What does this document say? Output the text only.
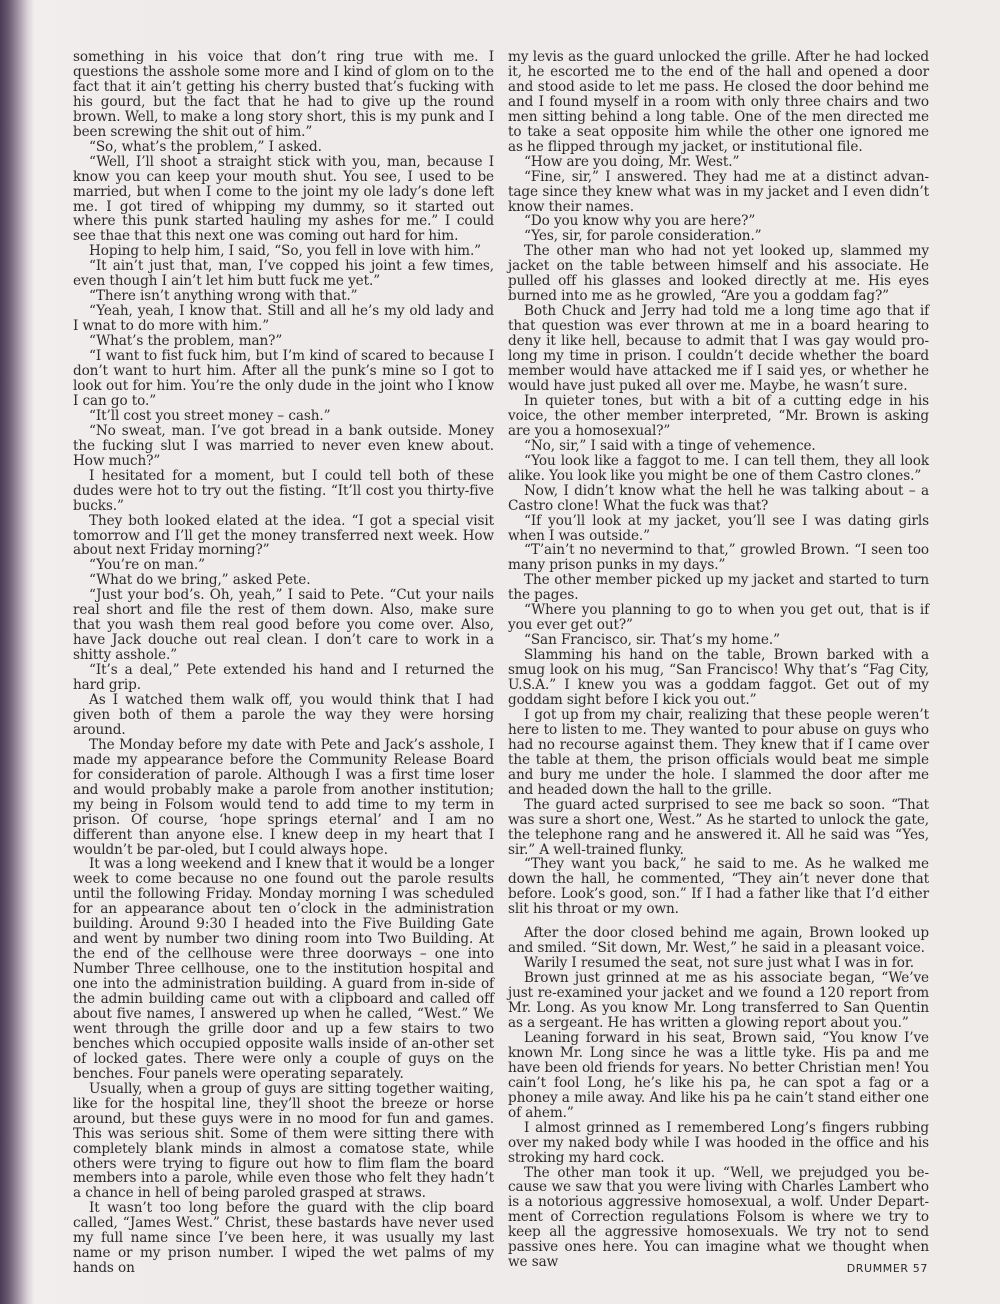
something in his voice that don’t ring true with me. I questions the asshole some more and I kind of glom on to the fact that it ain’t getting his cherry busted that’s fucking with his gourd, but the fact that he had to give up the round brown. Well, to make a long story short, this is my punk and I been screwing the shit out of him.”

“So, what’s the problem,” I asked.

“Well, I’ll shoot a straight stick with you, man, because I know you can keep your mouth shut. You see, I used to be married, but when I come to the joint my ole lady’s done left me. I got tired of whipping my dummy, so it started out where this punk started hauling my ashes for me.” I could see thae that this next one was coming out hard for him.

Hoping to help him, I said, “So, you fell in love with him.”

“It ain’t just that, man, I’ve copped his joint a few times, even though I ain’t let him butt fuck me yet.”

“There isn’t anything wrong with that.”

“Yeah, yeah, I know that. Still and all he’s my old lady and I wnat to do more with him.”

“What’s the problem, man?”

“I want to fist fuck him, but I’m kind of scared to because I don’t want to hurt him. After all the punk’s mine so I got to look out for him. You’re the only dude in the joint who I know I can go to.”

“It’ll cost you street money – cash.”

“No sweat, man. I’ve got bread in a bank outside. Money the fucking slut I was married to never even knew about. How much?”

I hesitated for a moment, but I could tell both of these dudes were hot to try out the fisting. “It’ll cost you thirty-five bucks.”

They both looked elated at the idea. “I got a special visit tomorrow and I’ll get the money transferred next week. How about next Friday morning?”

“You’re on man.”

“What do we bring,” asked Pete.

“Just your bod’s. Oh, yeah,” I said to Pete. “Cut your nails real short and file the rest of them down. Also, make sure that you wash them real good before you come over. Also, have Jack douche out real clean. I don’t care to work in a shitty asshole.”

“It’s a deal,” Pete extended his hand and I returned the hard grip.

As I watched them walk off, you would think that I had given both of them a parole the way they were horsing around.

The Monday before my date with Pete and Jack’s asshole, I made my appearance before the Community Release Board for consideration of parole. Although I was a first time loser and would probably make a parole from another institution; my being in Folsom would tend to add time to my term in prison. Of course, ‘hope springs eternal’ and I am no different than anyone else. I knew deep in my heart that I wouldn’t be par-oled, but I could always hope.

It was a long weekend and I knew that it would be a longer week to come because no one found out the parole results until the following Friday. Monday morning I was scheduled for an appearance about ten o’clock in the administration building. Around 9:30 I headed into the Five Building Gate and went by number two dining room into Two Building. At the end of the cellhouse were three doorways – one into Number Three cellhouse, one to the institution hospital and one into the administration building. A guard from in-side of the admin building came out with a clipboard and called off about five names, I answered up when he called, “West.” We went through the grille door and up a few stairs to two benches which occupied opposite walls inside of an-other set of locked gates. There were only a couple of guys on the benches. Four panels were operating separately.

Usually, when a group of guys are sitting together waiting, like for the hospital line, they’ll shoot the breeze or horse around, but these guys were in no mood for fun and games. This was serious shit. Some of them were sitting there with completely blank minds in almost a comatose state, while others were trying to figure out how to flim flam the board members into a parole, while even those who felt they hadn’t a chance in hell of being paroled grasped at straws.

It wasn’t too long before the guard with the clip board called, “James West.” Christ, these bastards have never used my full name since I’ve been here, it was usually my last name or my prison number. I wiped the wet palms of my hands on

my levis as the guard unlocked the grille. After he had locked it, he escorted me to the end of the hall and opened a door and stood aside to let me pass. He closed the door behind me and I found myself in a room with only three chairs and two men sitting behind a long table. One of the men directed me to take a seat opposite him while the other one ignored me as he flipped through my jacket, or institutional file.

“How are you doing, Mr. West.”

“Fine, sir,” I answered. They had me at a distinct advan-tage since they knew what was in my jacket and I even didn’t know their names.

“Do you know why you are here?”

“Yes, sir, for parole consideration.”

The other man who had not yet looked up, slammed my jacket on the table between himself and his associate. He pulled off his glasses and looked directly at me. His eyes burned into me as he growled, “Are you a goddam fag?”

Both Chuck and Jerry had told me a long time ago that if that question was ever thrown at me in a board hearing to deny it like hell, because to admit that I was gay would pro-long my time in prison. I couldn’t decide whether the board member would have attacked me if I said yes, or whether he would have just puked all over me. Maybe, he wasn’t sure.

In quieter tones, but with a bit of a cutting edge in his voice, the other member interpreted, “Mr. Brown is asking are you a homosexual?”

“No, sir,” I said with a tinge of vehemence.

“You look like a faggot to me. I can tell them, they all look alike. You look like you might be one of them Castro clones.”

Now, I didn’t know what the hell he was talking about – a Castro clone! What the fuck was that?

“If you’ll look at my jacket, you’ll see I was dating girls when I was outside.”

“T’ain’t no nevermind to that,” growled Brown. “I seen too many prison punks in my days.”

The other member picked up my jacket and started to turn the pages.

“Where you planning to go to when you get out, that is if you ever get out?”

“San Francisco, sir. That’s my home.”

Slamming his hand on the table, Brown barked with a smug look on his mug, “San Francisco! Why that’s “Fag City, U.S.A.” I knew you was a goddam faggot. Get out of my goddam sight before I kick you out.”

I got up from my chair, realizing that these people weren’t here to listen to me. They wanted to pour abuse on guys who had no recourse against them. They knew that if I came over the table at them, the prison officials would beat me simple and bury me under the hole. I slammed the door after me and headed down the hall to the grille.

The guard acted surprised to see me back so soon. “That was sure a short one, West.” As he started to unlock the gate, the telephone rang and he answered it. All he said was “Yes, sir.” A well-trained flunky.

“They want you back,” he said to me. As he walked me down the hall, he commented, “They ain’t never done that before. Look’s good, son.” If I had a father like that I’d either slit his throat or my own.

After the door closed behind me again, Brown looked up and smiled. “Sit down, Mr. West,” he said in a pleasant voice.

Warily I resumed the seat, not sure just what I was in for.

Brown just grinned at me as his associate began, “We’ve just re-examined your jacket and we found a 120 report from Mr. Long. As you know Mr. Long transferred to San Quentin as a sergeant. He has written a glowing report about you.”

Leaning forward in his seat, Brown said, “You know I’ve known Mr. Long since he was a little tyke. His pa and me have been old friends for years. No better Christian men! You cain’t fool Long, he’s like his pa, he can spot a fag or a phoney a mile away. And like his pa he cain’t stand either one of ahem.”

I almost grinned as I remembered Long’s fingers rubbing over my naked body while I was hooded in the office and his stroking my hard cock.

The other man took it up. “Well, we prejudged you be-cause we saw that you were living with Charles Lambert who is a notorious aggressive homosexual, a wolf. Under Depart-ment of Correction regulations Folsom is where we try to keep all the aggressive homosexuals. We try not to send passive ones here. You can imagine what we thought when we saw	DRUMMER 57
